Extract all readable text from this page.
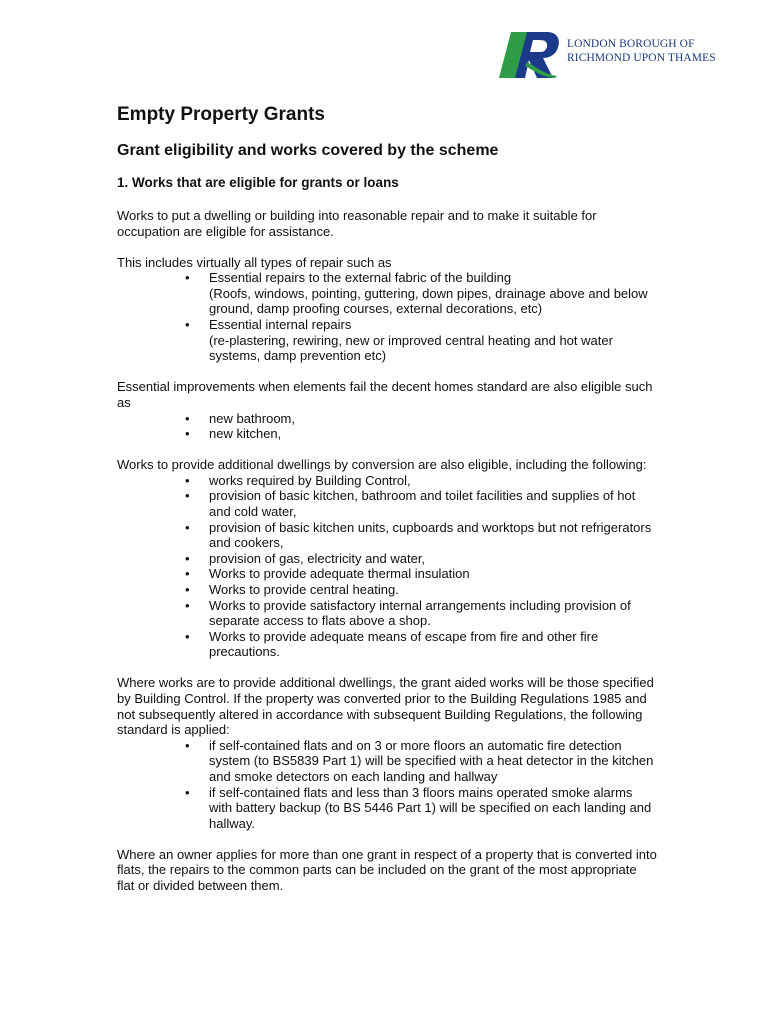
LONDON BOROUGH OF
RICHMOND UPON THAMES
Empty Property Grants
Grant eligibility and works covered by the scheme
1. Works that are eligible for grants or loans

Works to put a dwelling or building into reasonable repair and to make it suitable for occupation are eligible for assistance.

This includes virtually all types of repair such as

•	Essential repairs to the external fabric of the building
(Roofs, windows, pointing, guttering, down pipes, drainage above and below ground, damp proofing courses, external decorations, etc)
•	Essential internal repairs
(re-plastering, rewiring, new or improved central heating and hot water systems, damp prevention etc)

Essential improvements when elements fail the decent homes standard are also eligible such as

•	new bathroom,
•	new kitchen,

Works to provide additional dwellings by conversion are also eligible, including the following:

•	works required by Building Control,
•	provision of basic kitchen, bathroom and toilet facilities and supplies of hot and cold water,
•	provision of basic kitchen units, cupboards and worktops but not refrigerators and cookers,
•	provision of gas, electricity and water,
•	Works to provide adequate thermal insulation
•	Works to provide central heating.
•	Works to provide satisfactory internal arrangements including provision of separate access to flats above a shop.
•	Works to provide adequate means of escape from fire and other fire precautions.

Where works are to provide additional dwellings, the grant aided works will be those specified by Building Control. If the property was converted prior to the Building Regulations 1985 and not subsequently altered in accordance with subsequent Building Regulations, the following standard is applied:

•	if self-contained flats and on 3 or more floors an automatic fire detection system (to BS5839 Part 1) will be specified with a heat detector in the kitchen and smoke detectors on each landing and hallway
•	if self-contained flats and less than 3 floors mains operated smoke alarms with battery backup (to BS 5446 Part 1) will be specified on each landing and hallway.

Where an owner applies for more than one grant in respect of a property that is converted into flats, the repairs to the common parts can be included on the grant of the most appropriate flat or divided between them.
